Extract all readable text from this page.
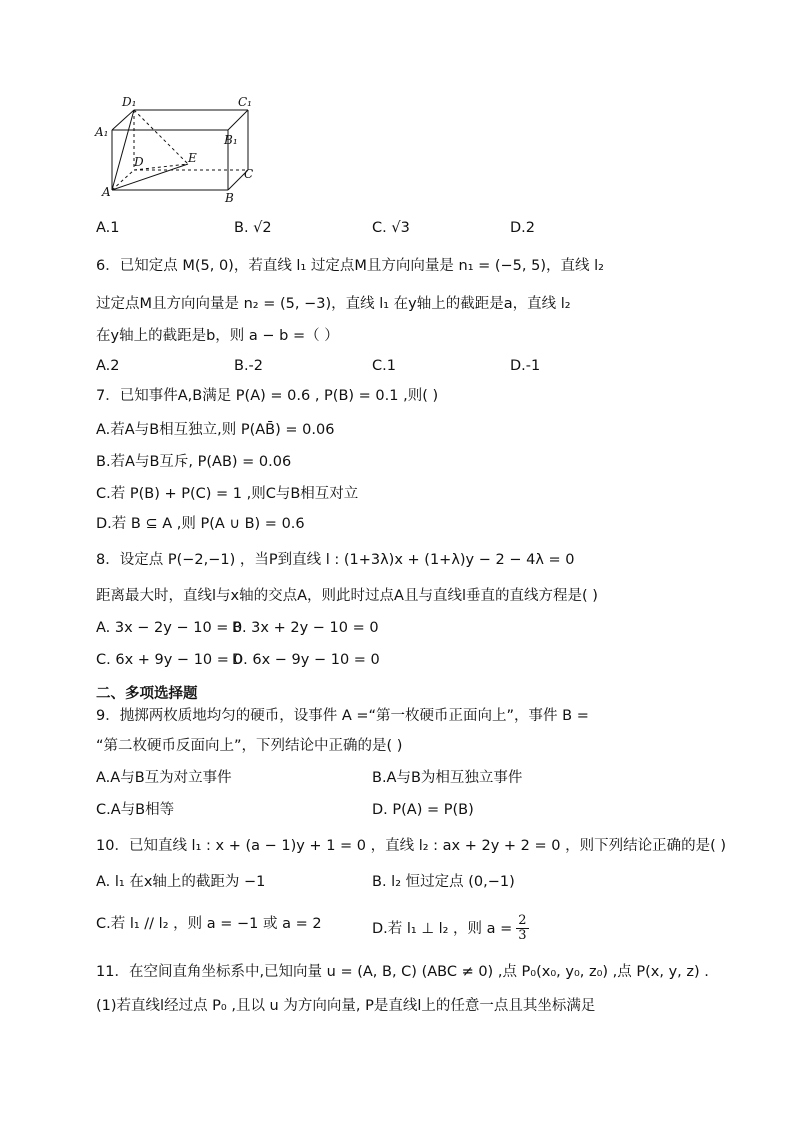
D₁	C₁
A₁
B₁
D	E
C
A	B
A.1	B. √2	C. √3	D.2
6．已知定点 M(5, 0)，若直线 l₁ 过定点M且方向向量是 n₁ = (−5, 5)，直线 l₂
过定点M且方向向量是 n₂ = (5, −3)，直线 l₁ 在y轴上的截距是a，直线 l₂
在y轴上的截距是b，则 a − b =（ ）
A.2	B.-2	C.1	D.-1
7．已知事件A,B满足 P(A) = 0.6 , P(B) = 0.1 ,则( )
A.若A与B相互独立,则 P(AB̄) = 0.06
B.若A与B互斥, P(AB) = 0.06
C.若 P(B) + P(C) = 1 ,则C与B相互对立
D.若 B ⊆ A ,则 P(A ∪ B) = 0.6
8．设定点 P(−2,−1) ，当P到直线 l : (1+3λ)x + (1+λ)y − 2 − 4λ = 0
距离最大时，直线l与x轴的交点A，则此时过点A且与直线l垂直的直线方程是( )
A. 3x − 2y − 10 = 0
B. 3x + 2y − 10 = 0
C. 6x + 9y − 10 = 0
D. 6x − 9y − 10 = 0
二、多项选择题
9．抛掷两枚质地均匀的硬币，设事件 A =“第一枚硬币正面向上”，事件 B =
“第二枚硬币反面向上”，下列结论中正确的是( )
A.A与B互为对立事件	B.A与B为相互独立事件
C.A与B相等	D. P(A) = P(B)
10．已知直线 l₁ : x + (a − 1)y + 1 = 0 ，直线 l₂ : ax + 2y + 2 = 0 ，则下列结论正确的是( )
A. l₁ 在x轴上的截距为 −1	B. l₂ 恒过定点 (0,−1)
C.若 l₁ // l₂ ，则 a = −1 或 a = 2	D.若 l₁ ⊥ l₂ ，则 $a = \frac{2}{3}$
11．在空间直角坐标系中,已知向量 u = (A, B, C) (ABC ≠ 0) ,点 P₀(x₀, y₀, z₀) ,点 P(x, y, z) .
(1)若直线l经过点 P₀ ,且以 u 为方向向量, P是直线l上的任意一点且其坐标满足
